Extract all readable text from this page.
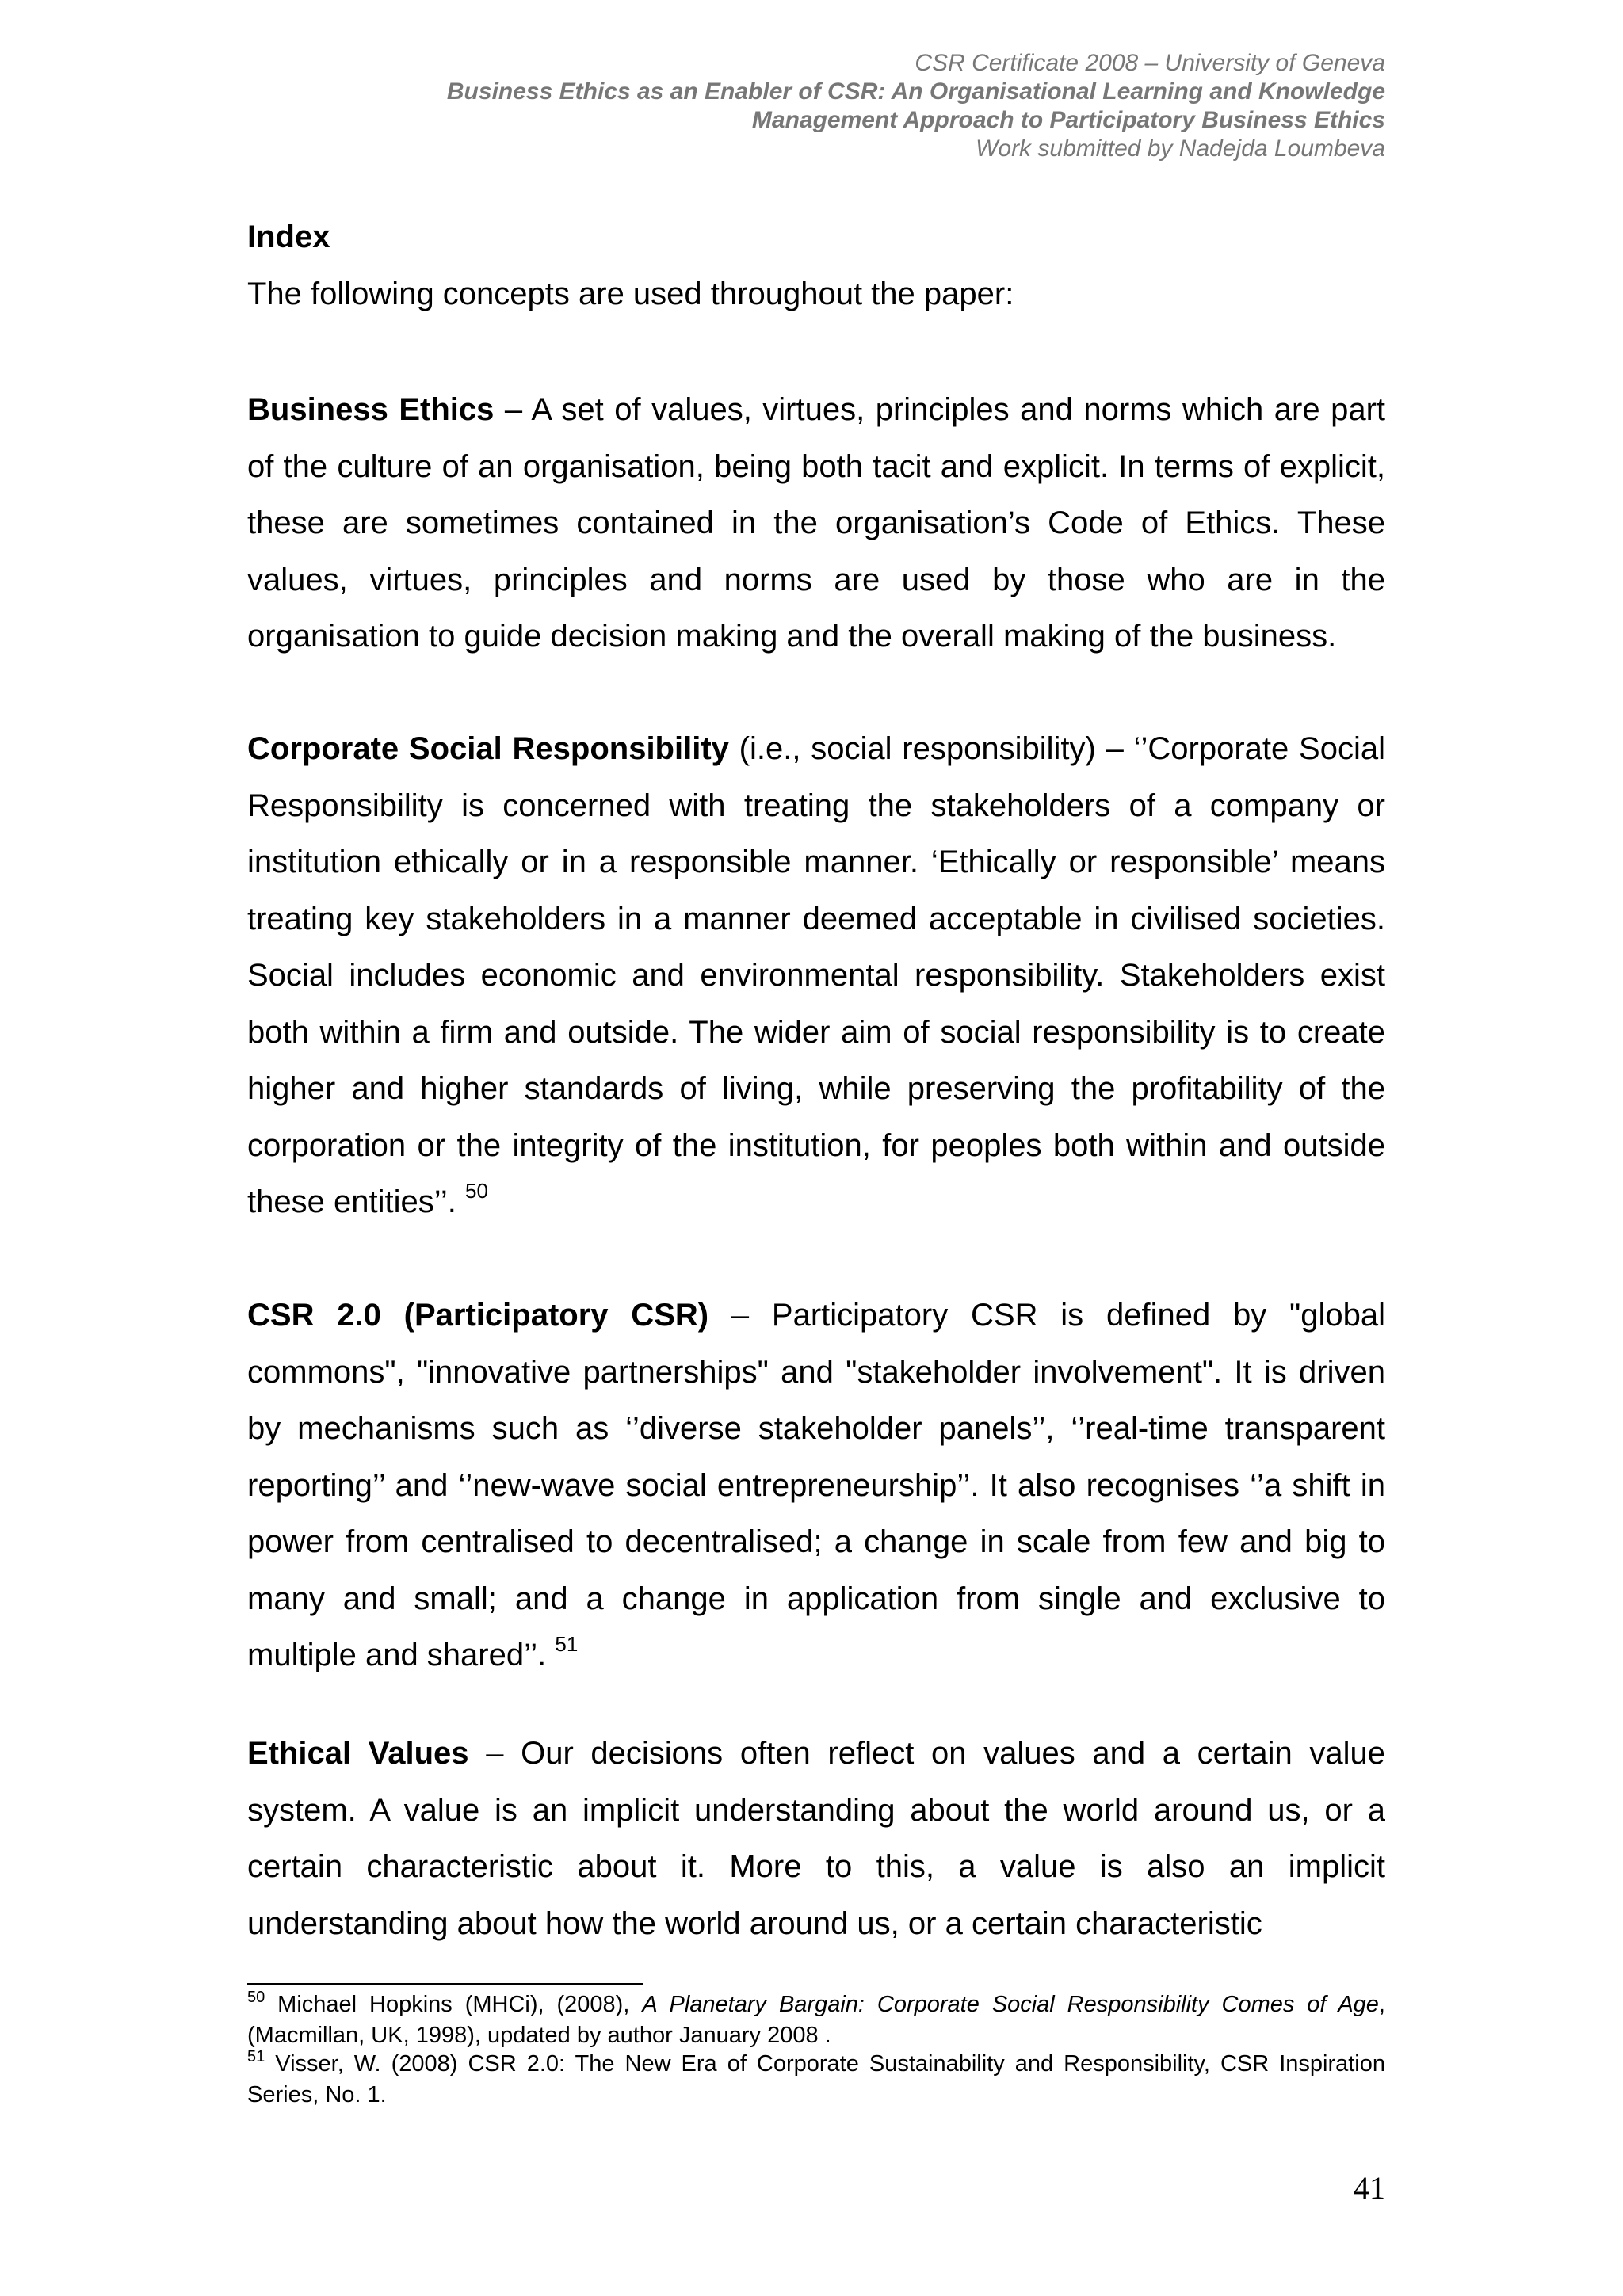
CSR Certificate 2008 – University of Geneva
Business Ethics as an Enabler of CSR: An Organisational Learning and Knowledge
Management Approach to Participatory Business Ethics
Work submitted by Nadejda Loumbeva
Index
The following concepts are used throughout the paper:
Business Ethics – A set of values, virtues, principles and norms which are part of the culture of an organisation, being both tacit and explicit. In terms of explicit, these are sometimes contained in the organisation’s Code of Ethics. These values, virtues, principles and norms are used by those who are in the organisation to guide decision making and the overall making of the business.
Corporate Social Responsibility (i.e., social responsibility) – ‘’Corporate Social Responsibility is concerned with treating the stakeholders of a company or institution ethically or in a responsible manner. ‘Ethically or responsible’ means treating key stakeholders in a manner deemed acceptable in civilised societies. Social includes economic and environmental responsibility. Stakeholders exist both within a firm and outside. The wider aim of social responsibility is to create higher and higher standards of living, while preserving the profitability of the corporation or the integrity of the institution, for peoples both within and outside these entities’’. $^{50}$
CSR 2.0 (Participatory CSR) – Participatory CSR is defined by "global commons", "innovative partnerships" and "stakeholder involvement". It is driven by mechanisms such as ‘’diverse stakeholder panels’’, ‘’real-time transparent reporting’’ and ‘’new-wave social entrepreneurship’’. It also recognises ‘’a shift in power from centralised to decentralised; a change in scale from few and big to many and small; and a change in application from single and exclusive to multiple and shared’’. $^{51}$
Ethical Values – Our decisions often reflect on values and a certain value system. A value is an implicit understanding about the world around us, or a certain characteristic about it. More to this, a value is also an implicit understanding about how the world around us, or a certain characteristic
$^{50}$ Michael Hopkins (MHCi), (2008), A Planetary Bargain: Corporate Social Responsibility Comes of Age, (Macmillan, UK, 1998), updated by author January 2008 .
$^{51}$ Visser, W. (2008) CSR 2.0: The New Era of Corporate Sustainability and Responsibility, CSR Inspiration Series, No. 1.
41
